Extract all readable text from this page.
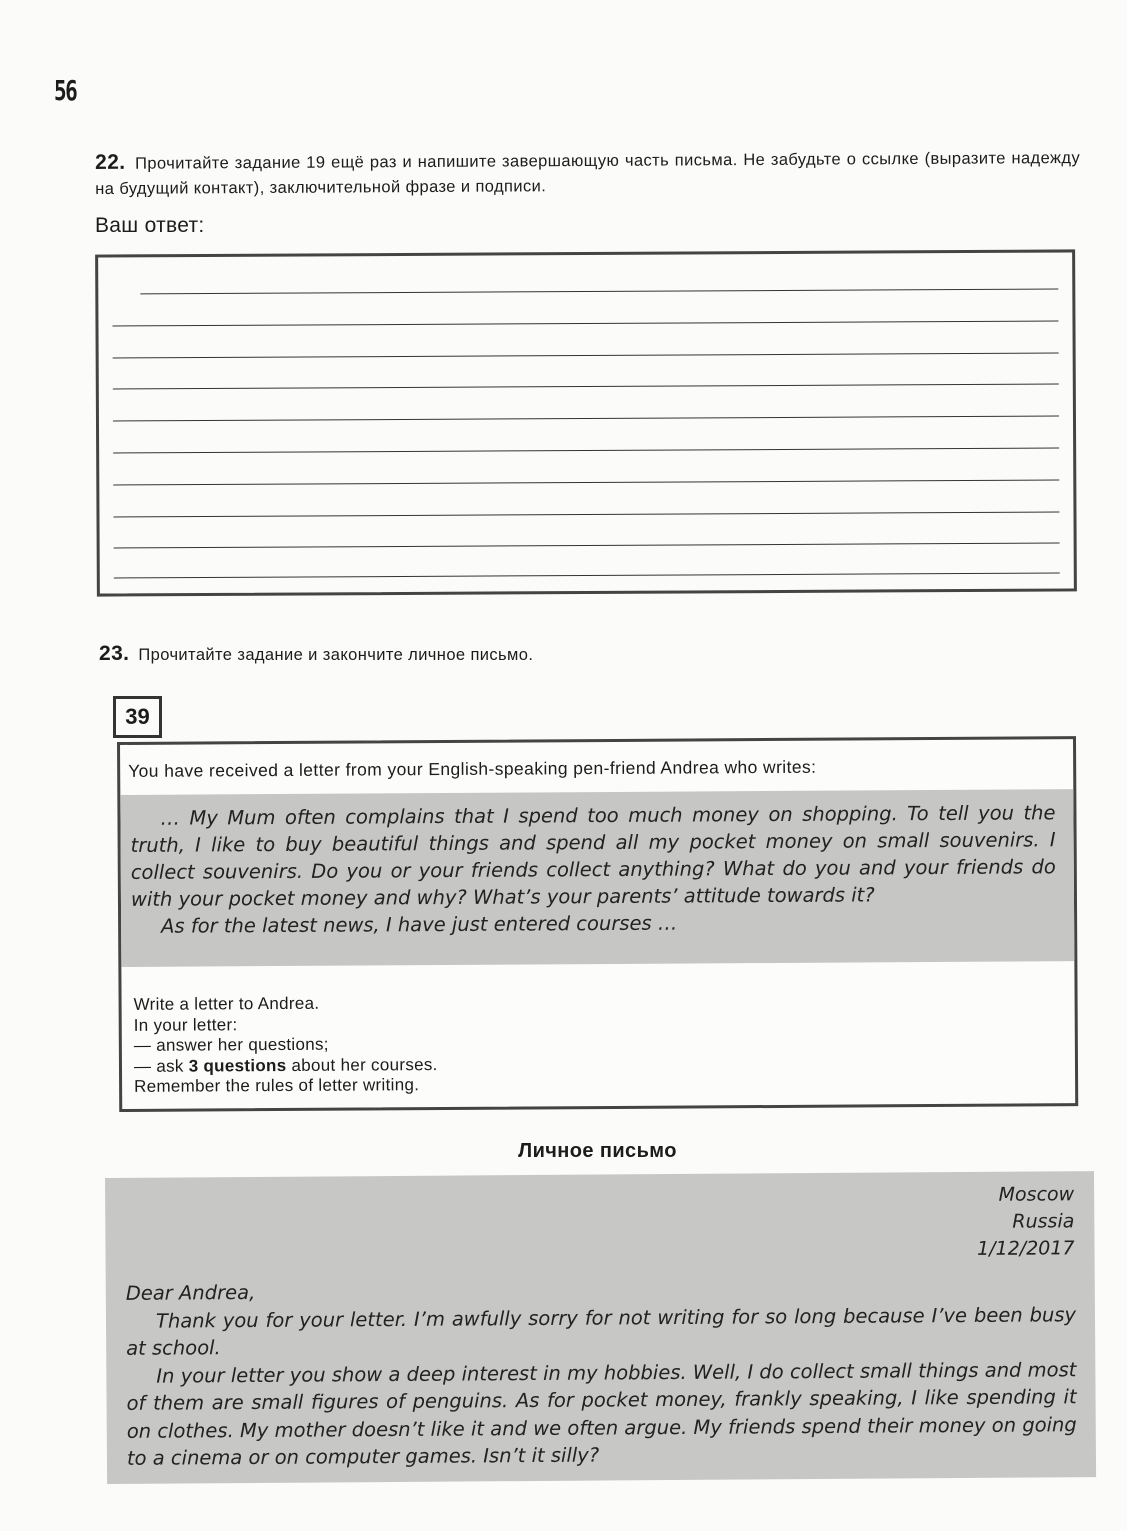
56
22. Прочитайте задание 19 ещё раз и напишите завершающую часть письма. Не забудьте о ссылке (выразите надежду на будущий контакт), заключительной фразе и подписи.
Ваш ответ:
23. Прочитайте задание и закончите личное письмо.
39
You have received a letter from your English-speaking pen-friend Andrea who writes:

… My Mum often complains that I spend too much money on shopping. To tell you the truth, I like to buy beautiful things and spend all my pocket money on small souvenirs. I collect souvenirs. Do you or your friends collect anything? What do you and your friends do with your pocket money and why? What’s your parents’ attitude towards it?

As for the latest news, I have just entered courses …

Write a letter to Andrea.
In your letter:
— answer her questions;
— ask 3 questions about her courses.
Remember the rules of letter writing.
Личное письмо
Moscow
Russia
1/12/2017

Dear Andrea,

Thank you for your letter. I’m awfully sorry for not writing for so long because I’ve been busy at school.

In your letter you show a deep interest in my hobbies. Well, I do collect small things and most of them are small figures of penguins. As for pocket money, frankly speaking, I like spending it on clothes. My mother doesn’t like it and we often argue. My friends spend their money on going to a cinema or on computer games. Isn’t it silly?
